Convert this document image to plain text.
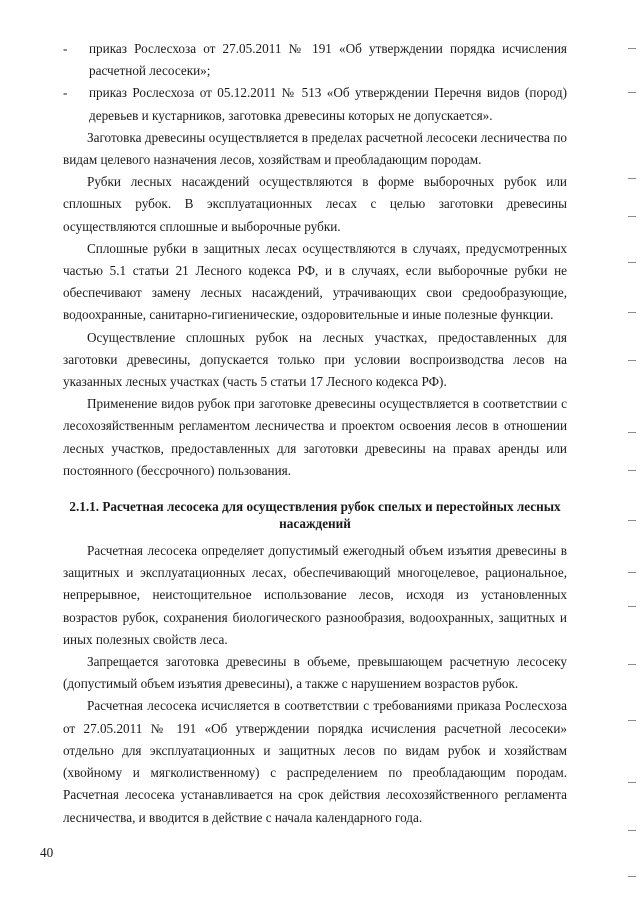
- приказ Рослесхоза от 27.05.2011 № 191 «Об утверждении порядка исчисления расчетной лесосеки»;
- приказ Рослесхоза от 05.12.2011 № 513 «Об утверждении Перечня видов (пород) деревьев и кустарников, заготовка древесины которых не допускается».

Заготовка древесины осуществляется в пределах расчетной лесосеки лесничества по видам целевого назначения лесов, хозяйствам и преобладающим породам.

Рубки лесных насаждений осуществляются в форме выборочных рубок или сплошных рубок. В эксплуатационных лесах с целью заготовки древесины осуществляются сплошные и выборочные рубки.

Сплошные рубки в защитных лесах осуществляются в случаях, предусмотренных частью 5.1 статьи 21 Лесного кодекса РФ, и в случаях, если выборочные рубки не обеспечивают замену лесных насаждений, утрачивающих свои средообразующие, водоохранные, санитарно-гигиенические, оздоровительные и иные полезные функции.

Осуществление сплошных рубок на лесных участках, предоставленных для заготовки древесины, допускается только при условии воспроизводства лесов на указанных лесных участках (часть 5 статьи 17 Лесного кодекса РФ).

Применение видов рубок при заготовке древесины осуществляется в соответствии с лесохозяйственным регламентом лесничества и проектом освоения лесов в отношении лесных участков, предоставленных для заготовки древесины на правах аренды или постоянного (бессрочного) пользования.

2.1.1. Расчетная лесосека для осуществления рубок спелых и перестойных лесных насаждений

Расчетная лесосека определяет допустимый ежегодный объем изъятия древесины в защитных и эксплуатационных лесах, обеспечивающий многоцелевое, рациональное, непрерывное, неистощительное использование лесов, исходя из установленных возрастов рубок, сохранения биологического разнообразия, водоохранных, защитных и иных полезных свойств леса.

Запрещается заготовка древесины в объеме, превышающем расчетную лесосеку (допустимый объем изъятия древесины), а также с нарушением возрастов рубок.

Расчетная лесосека исчисляется в соответствии с требованиями приказа Рослесхоза от 27.05.2011 № 191 «Об утверждении порядка исчисления расчетной лесосеки» отдельно для эксплуатационных и защитных лесов по видам рубок и хозяйствам (хвойному и мягколиственному) с распределением по преобладающим породам. Расчетная лесосека устанавливается на срок действия лесохозяйственного регламента лесничества, и вводится в действие с начала календарного года.

40
